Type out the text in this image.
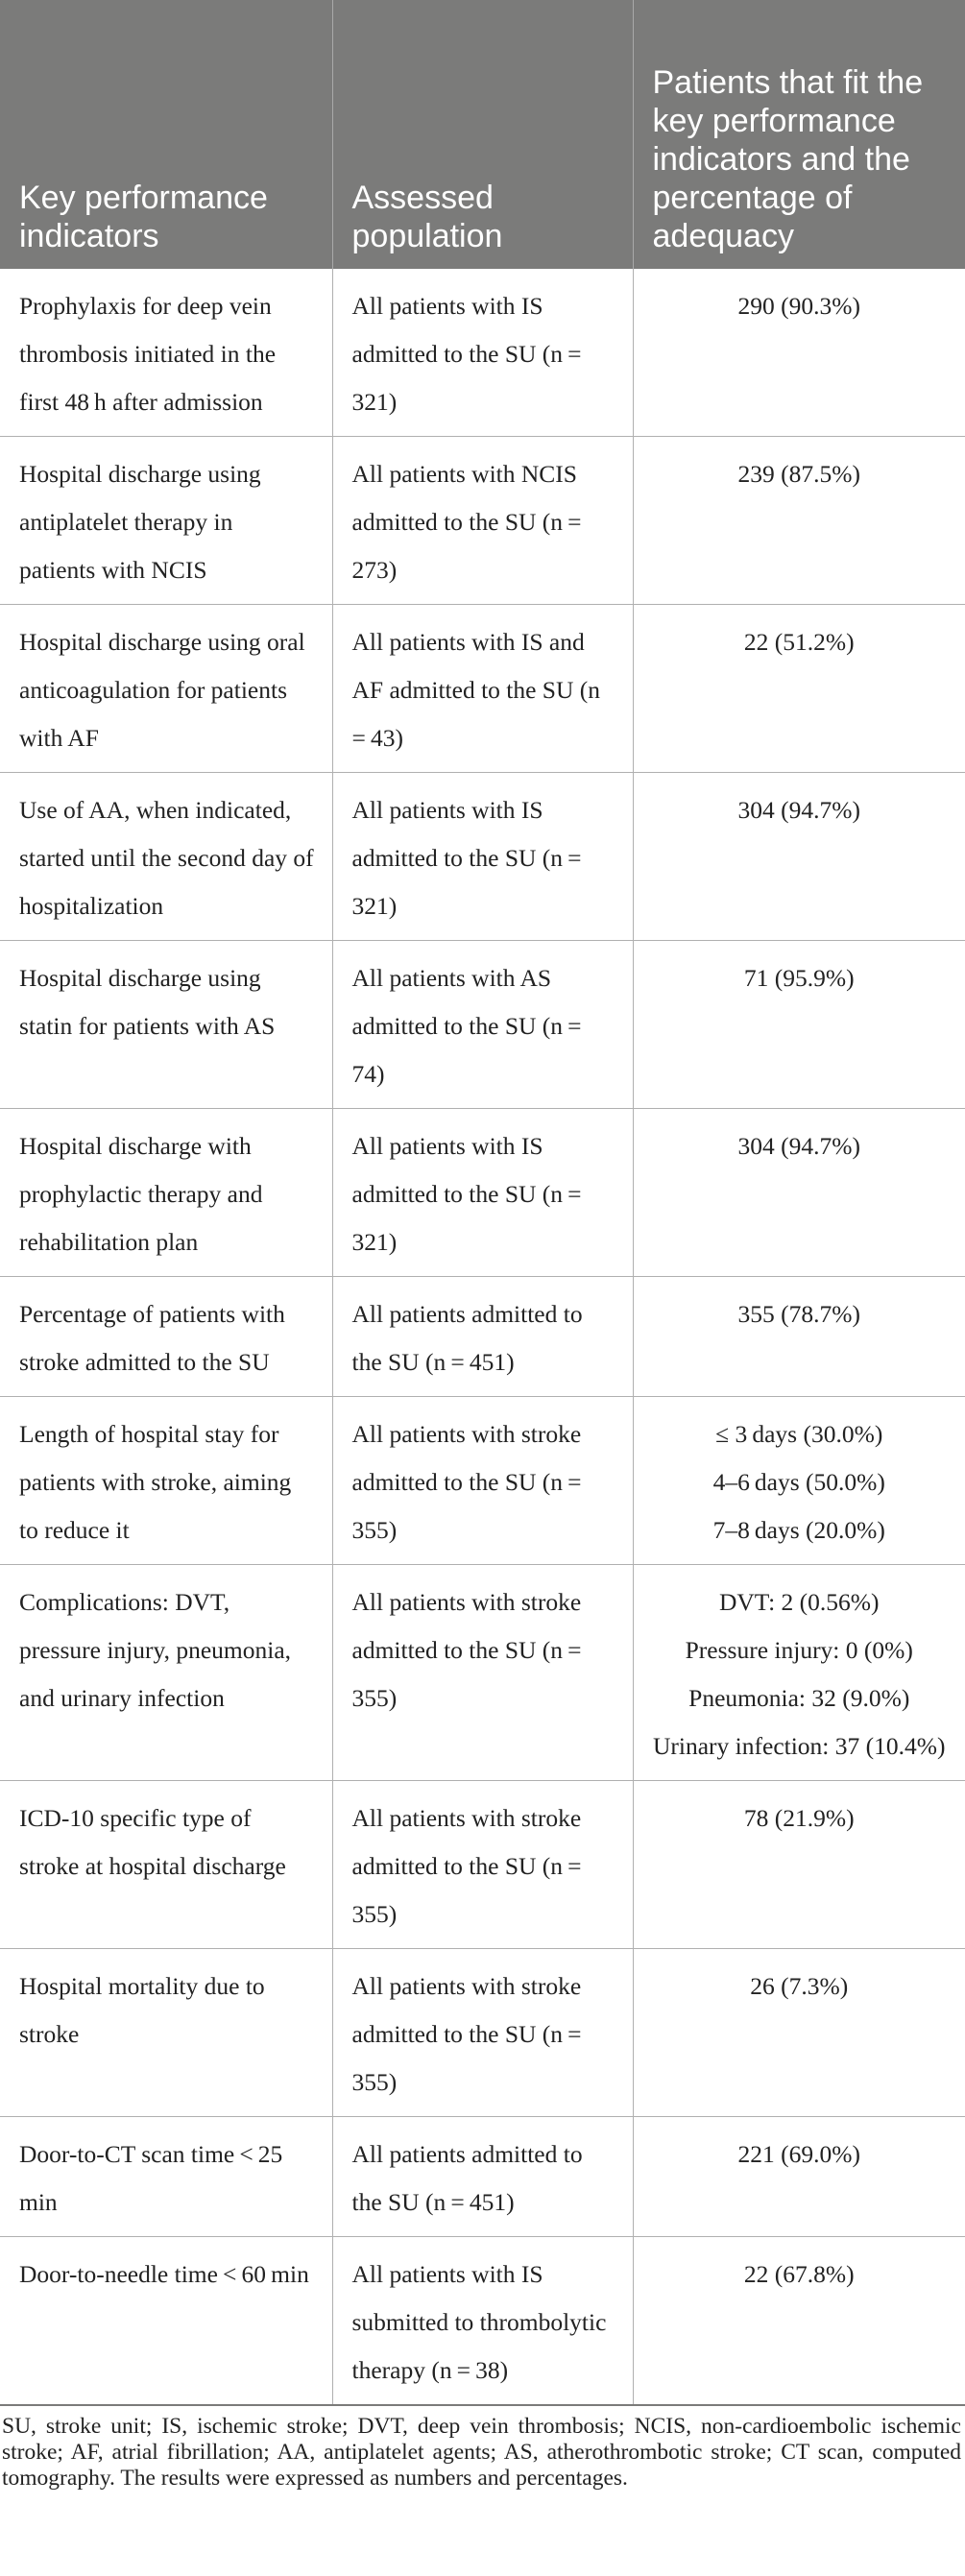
Key performance indicators	Assessed population	Patients that fit the key performance indicators and the percentage of adequacy
Prophylaxis for deep vein thrombosis initiated in the first 48 h after admission	All patients with IS admitted to the SU (n = 321)	290 (90.3%)

Hospital discharge using antiplatelet therapy in patients with NCIS	All patients with NCIS admitted to the SU (n = 273)	239 (87.5%)

Hospital discharge using oral anticoagulation for patients with AF	All patients with IS and AF admitted to the SU (n = 43)	22 (51.2%)

Use of AA, when indicated, started until the second day of hospitalization	All patients with IS admitted to the SU (n = 321)	304 (94.7%)

Hospital discharge using statin for patients with AS	All patients with AS admitted to the SU (n = 74)	71 (95.9%)

Hospital discharge with prophylactic therapy and rehabilitation plan	All patients with IS admitted to the SU (n = 321)	304 (94.7%)

Percentage of patients with stroke admitted to the SU	All patients admitted to the SU (n = 451)	355 (78.7%)

Length of hospital stay for patients with stroke, aiming to reduce it	All patients with stroke admitted to the SU (n = 355)	≤ 3 days (30.0%)
4–6 days (50.0%)
7–8 days (20.0%)

Complications: DVT, pressure injury, pneumonia, and urinary infection	All patients with stroke admitted to the SU (n = 355)	DVT: 2 (0.56%)
Pressure injury: 0 (0%)
Pneumonia: 32 (9.0%)
Urinary infection: 37 (10.4%)

ICD-10 specific type of stroke at hospital discharge	All patients with stroke admitted to the SU (n = 355)	78 (21.9%)

Hospital mortality due to stroke	All patients with stroke admitted to the SU (n = 355)	26 (7.3%)

Door-to-CT scan time < 25 min	All patients admitted to the SU (n = 451)	221 (69.0%)

Door-to-needle time < 60 min	All patients with IS submitted to thrombolytic therapy (n = 38)	22 (67.8%)
SU, stroke unit; IS, ischemic stroke; DVT, deep vein thrombosis; NCIS, non-cardioembolic ischemic stroke; AF, atrial fibrillation; AA, antiplatelet agents; AS, atherothrombotic stroke; CT scan, computed tomography. The results were expressed as numbers and percentages.
